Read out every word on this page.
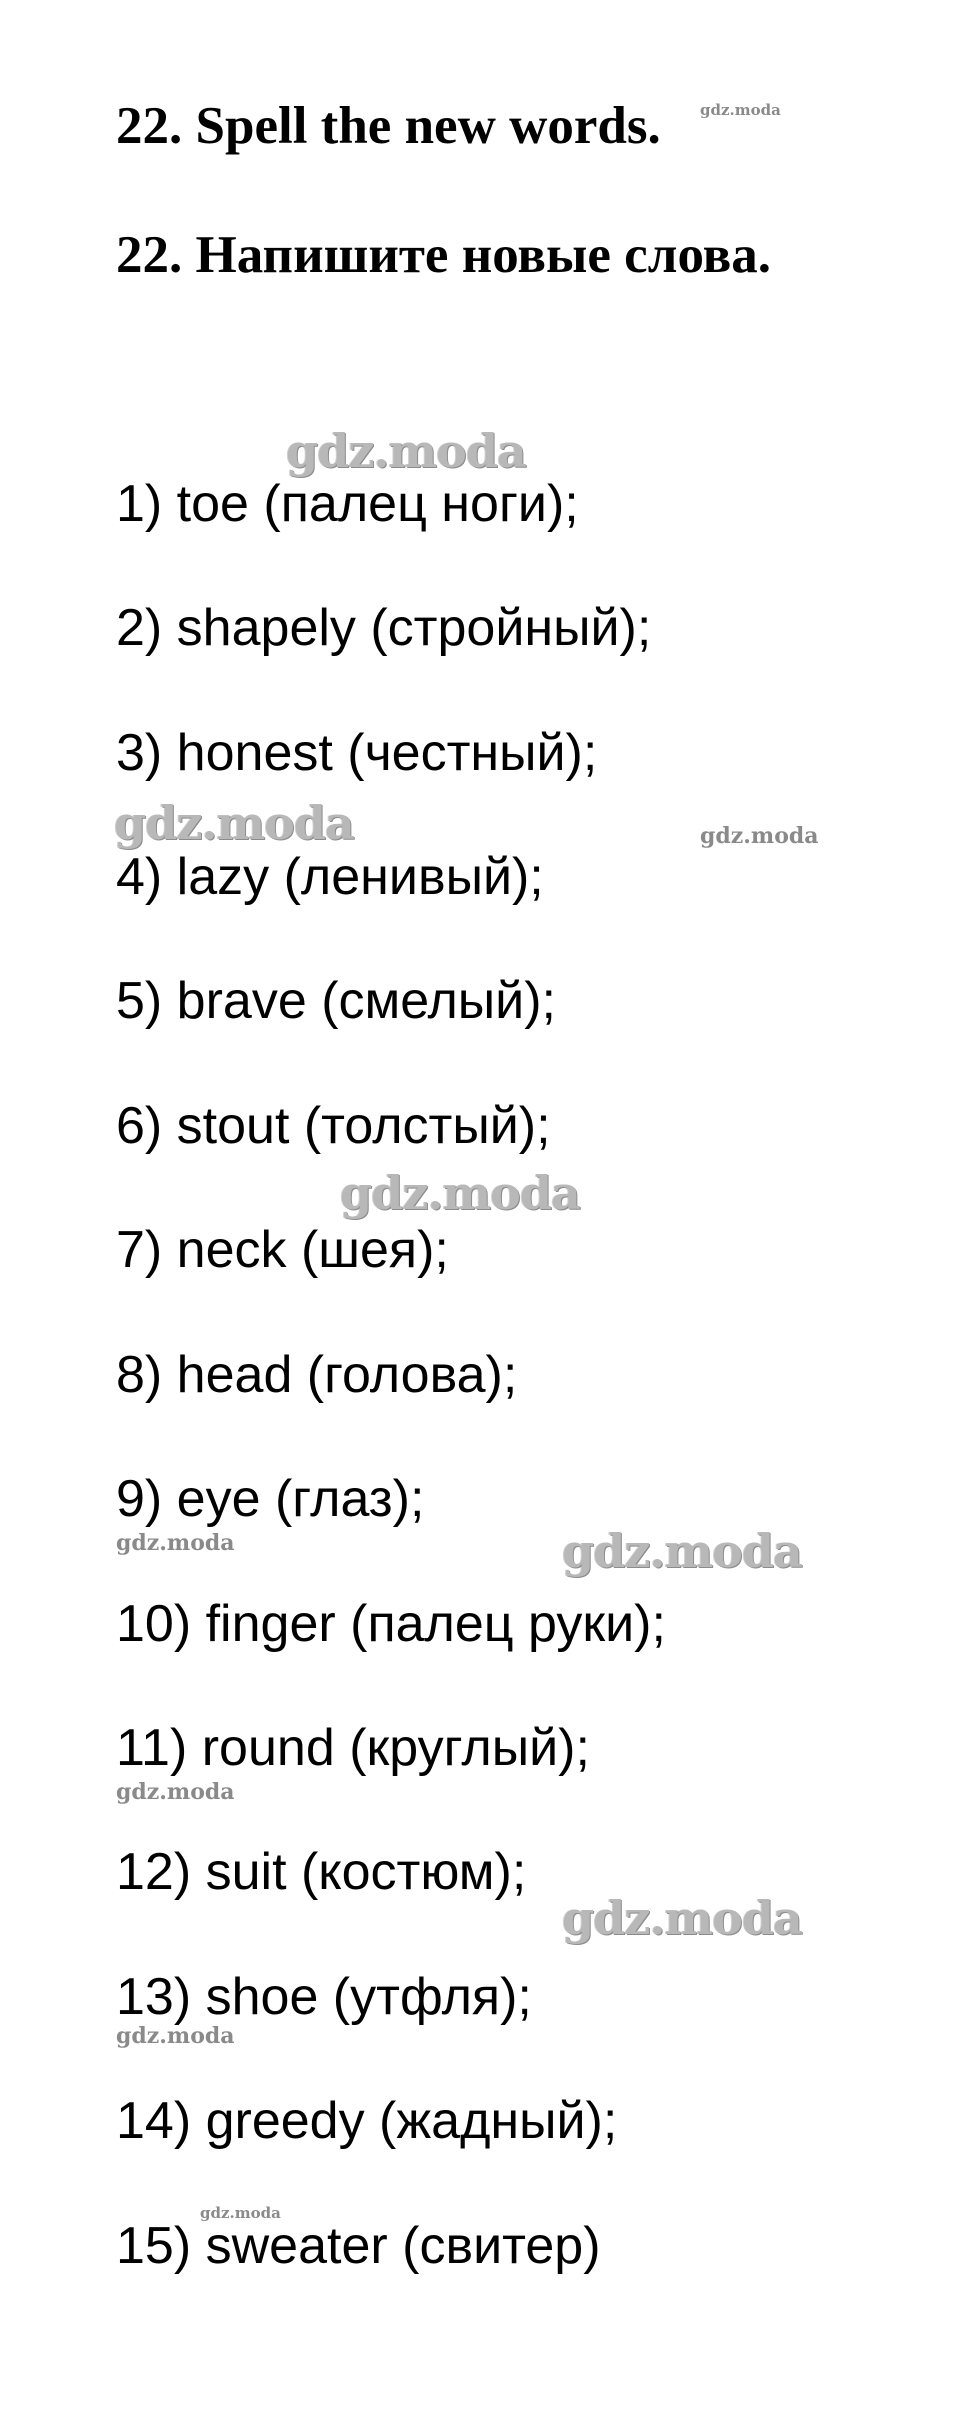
22. Spell the new words.
22. Напишите новые слова.
1) toe (палец ноги);
2) shapely (стройный);
3) honest (честный);
4) lazy (ленивый);
5) brave (смелый);
6) stout (толстый);
7) neck (шея);
8) head (голова);
9) eye (глаз);
10) finger (палец руки);
11) round (круглый);
12) suit (костюм);
13) shoe (утфля);
14) greedy (жадный);
15) sweater (свитер)
gdz.moda
gdz.moda
gdz.moda	gdz.moda
gdz.moda
gdz.moda	gdz.moda
gdz.moda
gdz.moda
gdz.moda
gdz.moda
